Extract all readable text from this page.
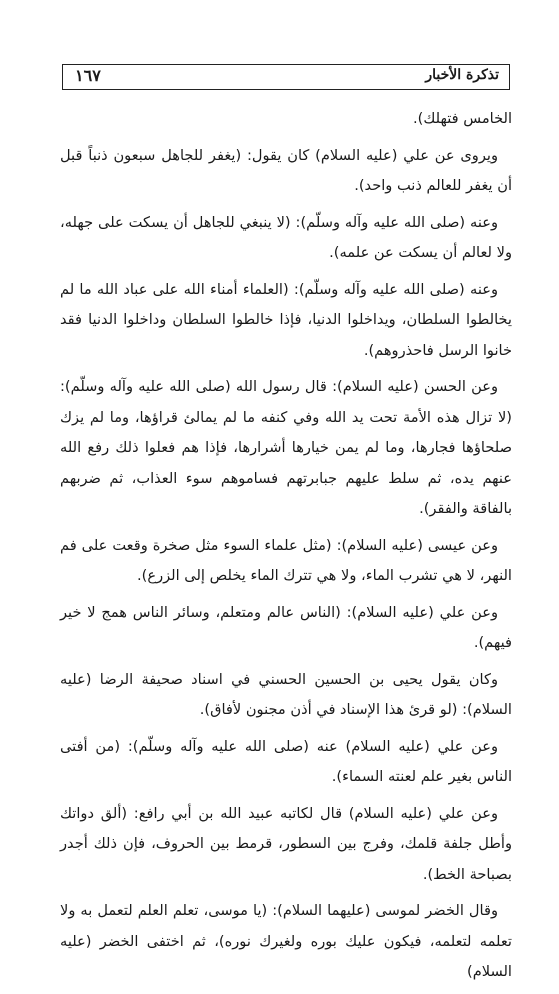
تذكرة الأخبار
١٦٧

الخامس فتهلك).

ويروى عن علي (عليه السلام) كان يقول: (يغفر للجاهل سبعون ذنباً قبل أن يغفر للعالم ذنب واحد).

وعنه (صلى الله عليه وآله وسلّم): (لا ينبغي للجاهل أن يسكت على جهله، ولا لعالم أن يسكت عن علمه).

وعنه (صلى الله عليه وآله وسلّم): (العلماء أمناء الله على عباد الله ما لم يخالطوا السلطان، ويداخلوا الدنيا، فإذا خالطوا السلطان وداخلوا الدنيا فقد خانوا الرسل فاحذروهم).

وعن الحسن (عليه السلام): قال رسول الله (صلى الله عليه وآله وسلّم): (لا تزال هذه الأمة تحت يد الله وفي كنفه ما لم يمالئ قراؤها، وما لم يزك صلحاؤها فجارها، وما لم يمن خيارها أشرارها، فإذا هم فعلوا ذلك رفع الله عنهم يده، ثم سلط عليهم جبابرتهم فساموهم سوء العذاب، ثم ضربهم بالفاقة والفقر).

وعن عيسى (عليه السلام): (مثل علماء السوء مثل صخرة وقعت على فم النهر، لا هي تشرب الماء، ولا هي تترك الماء يخلص إلى الزرع).

وعن علي (عليه السلام): (الناس عالم ومتعلم، وسائر الناس همج لا خير فيهم).

وكان يقول يحيى بن الحسين الحسني في اسناد صحيفة الرضا (عليه السلام): (لو قرئ هذا الإسناد في أذن مجنون لأفاق).

وعن علي (عليه السلام) عنه (صلى الله عليه وآله وسلّم): (من أفتى الناس بغير علم لعنته السماء).

وعن علي (عليه السلام) قال لكاتبه عبيد الله بن أبي رافع: (ألق دواتك وأطل جلفة قلمك، وفرج بين السطور، قرمط بين الحروف، فإن ذلك أجدر بصباحة الخط).

وقال الخضر لموسى (عليهما السلام): (يا موسى، تعلم العلم لتعمل به ولا تعلمه لتعلمه، فيكون عليك بوره ولغيرك نوره)، ثم اختفى الخضر (عليه السلام)
